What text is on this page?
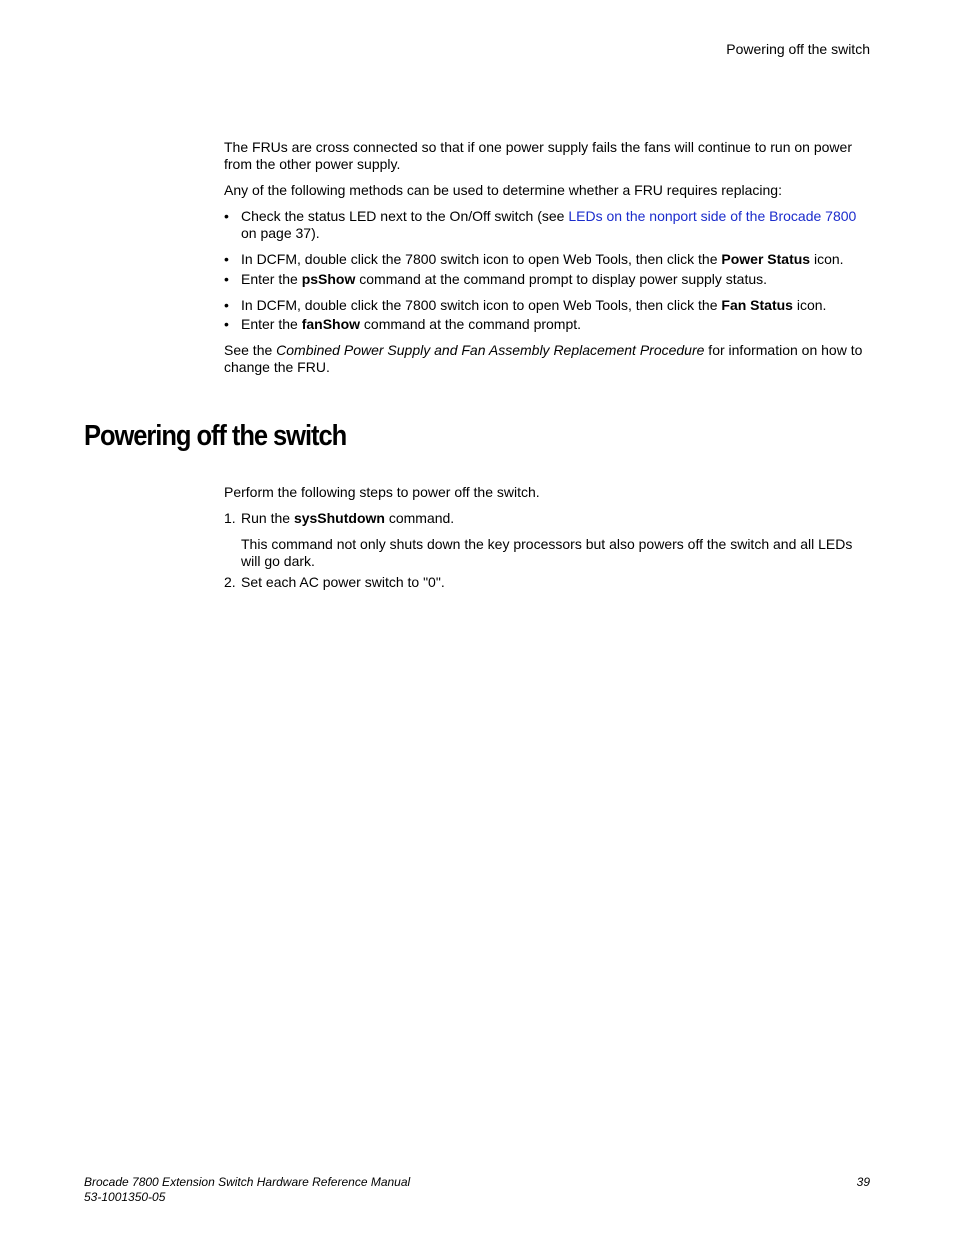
Powering off the switch

The FRUs are cross connected so that if one power supply fails the fans will continue to run on power from the other power supply.

Any of the following methods can be used to determine whether a FRU requires replacing:

• Check the status LED next to the On/Off switch (see LEDs on the nonport side of the Brocade 7800 on page 37).
• In DCFM, double click the 7800 switch icon to open Web Tools, then click the Power Status icon.
• Enter the psShow command at the command prompt to display power supply status.
• In DCFM, double click the 7800 switch icon to open Web Tools, then click the Fan Status icon.
• Enter the fanShow command at the command prompt.

See the Combined Power Supply and Fan Assembly Replacement Procedure for information on how to change the FRU.

Powering off the switch

Perform the following steps to power off the switch.

1. Run the sysShutdown command.

This command not only shuts down the key processors but also powers off the switch and all LEDs will go dark.

2. Set each AC power switch to "0".
Brocade 7800 Extension Switch Hardware Reference Manual
53-1001350-05
39
